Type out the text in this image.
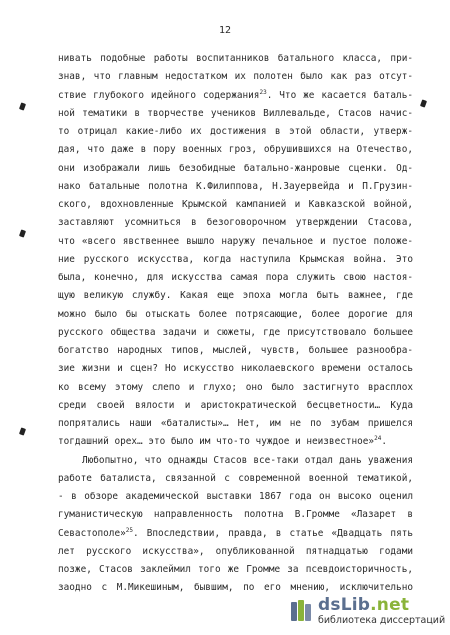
12
нивать подобные работы воспитанников батального класса, при-
знав, что главным недостатком их полотен было как раз отсут-
ствие глубокого идейного содержания$^{23}$. Что же касается баталь-
ной тематики в творчестве учеников Виллевальде, Стасов начис-
то отрицал какие-либо их достижения в этой области, утверж-
дая, что даже в пору военных гроз, обрушившихся на Отечество,
они изображали лишь безобидные батально-жанровые сценки. Од-
нако батальные полотна К.Филиппова, Н.Зауервейда и П.Грузин-
ского, вдохновленные Крымской кампанией и Кавказской войной,
заставляют усомниться в безоговорочном утверждении Стасова,
что «всего явственнее вышло наружу печальное и пустое положе-
ние русского искусства, когда наступила Крымская война. Это
была, конечно, для искусства самая пора служить свою настоя-
щую великую службу. Какая еще эпоха могла быть важнее, где
можно было бы отыскать более потрясающие, более дорогие для
русского общества задачи и сюжеты, где присутствовало большее
богатство народных типов, мыслей, чувств, большее разнообра-
зие жизни и сцен? Но искусство николаевского времени осталось
ко всему этому слепо и глухо; оно было застигнуто врасплох
среди своей вялости и аристократической бесцветности… Куда
попрятались наши «баталисты»… Нет, им не по зубам пришелся
тогдашний орех… это было им что-то чуждое и неизвестное»$^{24}$.
Любопытно, что однажды Стасов все-таки отдал дань уважения
работе баталиста, связанной с современной военной тематикой,
- в обзоре академической выставки 1867 года он высоко оценил
гуманистическую направленность полотна В.Громме «Лазарет в
Севастополе»$^{25}$. Впоследствии, правда, в статье «Двадцать пять
лет русского искусства», опубликованной пятнадцатью годами
позже, Стасов заклеймил того же Громме за псевдоисторичность,
заодно с М.Микешиным, бывшим, по его мнению, исключительно
dsLib.net
библиотека диссертаций
